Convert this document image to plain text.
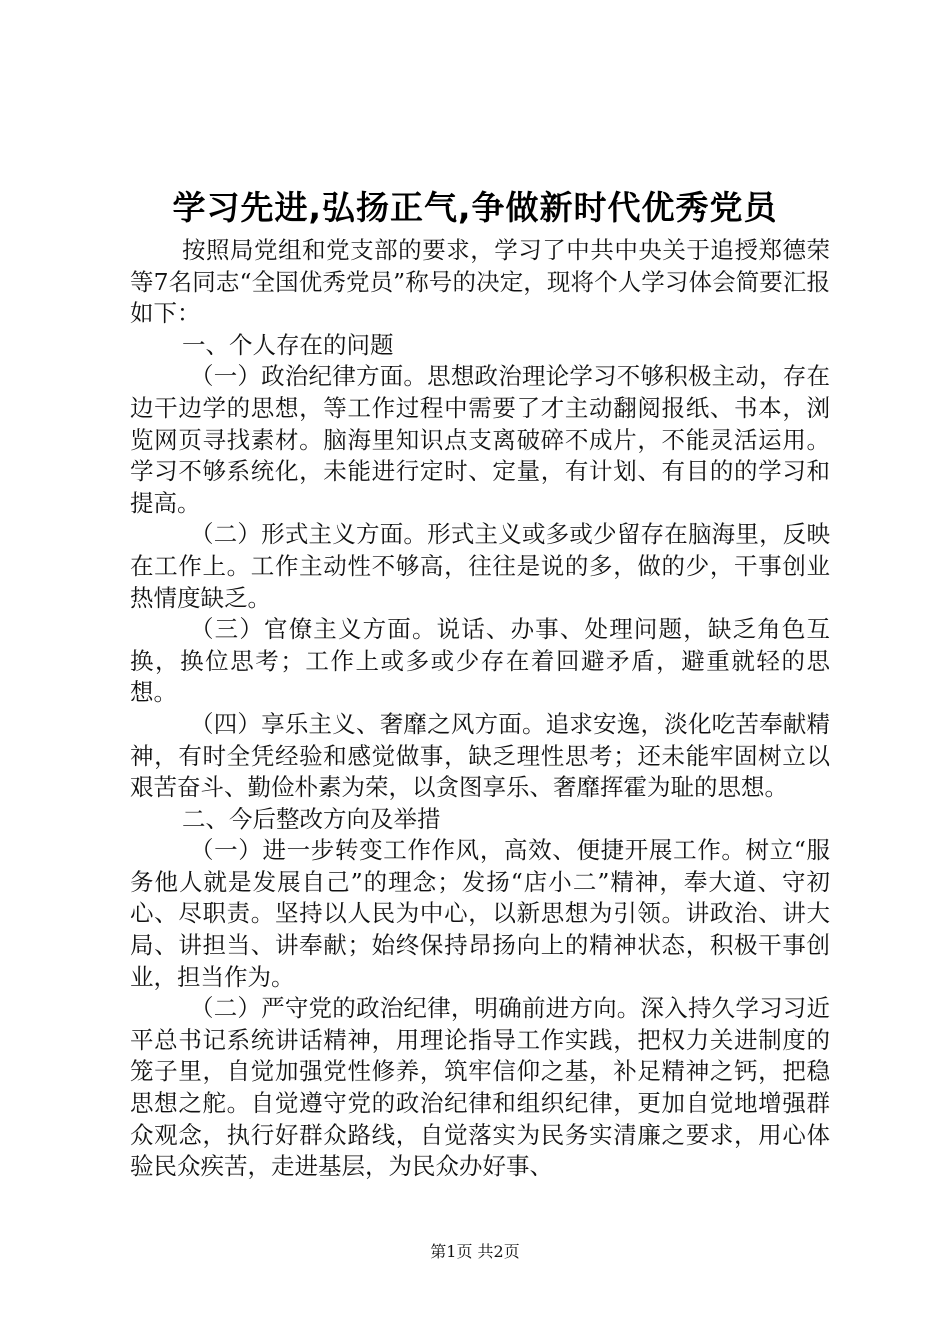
学习先进,弘扬正气,争做新时代优秀党员

按照局党组和党支部的要求，学习了中共中央关于追授郑德荣等7名同志“全国优秀党员”称号的决定，现将个人学习体会简要汇报如下：

一、个人存在的问题

（一）政治纪律方面。思想政治理论学习不够积极主动，存在边干边学的思想，等工作过程中需要了才主动翻阅报纸、书本，浏览网页寻找素材。脑海里知识点支离破碎不成片，不能灵活运用。学习不够系统化，未能进行定时、定量，有计划、有目的的学习和提高。

（二）形式主义方面。形式主义或多或少留存在脑海里，反映在工作上。工作主动性不够高，往往是说的多，做的少，干事创业热情度缺乏。

（三）官僚主义方面。说话、办事、处理问题，缺乏角色互换，换位思考；工作上或多或少存在着回避矛盾，避重就轻的思想。

（四）享乐主义、奢靡之风方面。追求安逸，淡化吃苦奉献精神，有时全凭经验和感觉做事，缺乏理性思考；还未能牢固树立以艰苦奋斗、勤俭朴素为荣，以贪图享乐、奢靡挥霍为耻的思想。

二、今后整改方向及举措

（一）进一步转变工作作风，高效、便捷开展工作。树立“服务他人就是发展自己”的理念；发扬“店小二”精神，奉大道、守初心、尽职责。坚持以人民为中心，以新思想为引领。讲政治、讲大局、讲担当、讲奉献；始终保持昂扬向上的精神状态，积极干事创业，担当作为。

（二）严守党的政治纪律，明确前进方向。深入持久学习习近平总书记系统讲话精神，用理论指导工作实践，把权力关进制度的笼子里，自觉加强党性修养，筑牢信仰之基，补足精神之钙，把稳思想之舵。自觉遵守党的政治纪律和组织纪律，更加自觉地增强群众观念，执行好群众路线，自觉落实为民务实清廉之要求，用心体验民众疾苦，走进基层，为民众办好事、

第1页 共2页
